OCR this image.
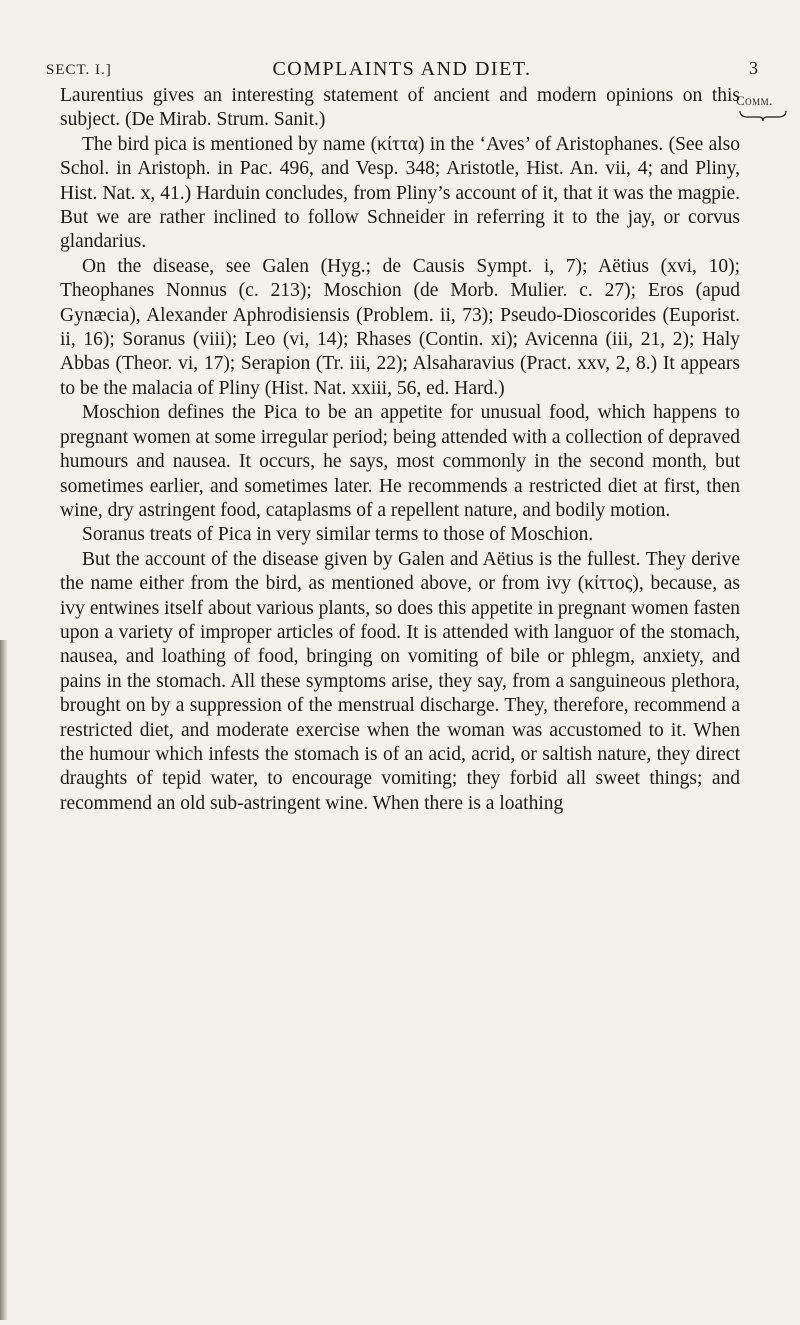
SECT. I.]	COMPLAINTS AND DIET.	3
Comm.

Laurentius gives an interesting statement of ancient and modern opinions on this subject. (De Mirab. Strum. Sanit.)

The bird pica is mentioned by name (κίττα) in the ‘Aves’ of Aristophanes. (See also Schol. in Aristoph. in Pac. 496, and Vesp. 348; Aristotle, Hist. An. vii, 4; and Pliny, Hist. Nat. x, 41.) Harduin concludes, from Pliny’s account of it, that it was the magpie. But we are rather inclined to follow Schneider in referring it to the jay, or corvus glandarius.

On the disease, see Galen (Hyg.; de Causis Sympt. i, 7); Aëtius (xvi, 10); Theophanes Nonnus (c. 213); Moschion (de Morb. Mulier. c. 27); Eros (apud Gynæcia), Alexander Aphrodisiensis (Problem. ii, 73); Pseudo-Dioscorides (Euporist. ii, 16); Soranus (viii); Leo (vi, 14); Rhases (Contin. xi); Avicenna (iii, 21, 2); Haly Abbas (Theor. vi, 17); Serapion (Tr. iii, 22); Alsaharavius (Pract. xxv, 2, 8.) It appears to be the malacia of Pliny (Hist. Nat. xxiii, 56, ed. Hard.)

Moschion defines the Pica to be an appetite for unusual food, which happens to pregnant women at some irregular period; being attended with a collection of depraved humours and nausea. It occurs, he says, most commonly in the second month, but sometimes earlier, and sometimes later. He recommends a restricted diet at first, then wine, dry astringent food, cataplasms of a repellent nature, and bodily motion.

Soranus treats of Pica in very similar terms to those of Moschion.

But the account of the disease given by Galen and Aëtius is the fullest. They derive the name either from the bird, as mentioned above, or from ivy (κίττος), because, as ivy entwines itself about various plants, so does this appetite in pregnant women fasten upon a variety of improper articles of food. It is attended with languor of the stomach, nausea, and loathing of food, bringing on vomiting of bile or phlegm, anxiety, and pains in the stomach. All these symptoms arise, they say, from a sanguineous plethora, brought on by a suppression of the menstrual discharge. They, therefore, recommend a restricted diet, and moderate exercise when the woman was accustomed to it. When the humour which infests the stomach is of an acid, acrid, or saltish nature, they direct draughts of tepid water, to encourage vomiting; they forbid all sweet things; and recommend an old sub-astringent wine. When there is a loathing
